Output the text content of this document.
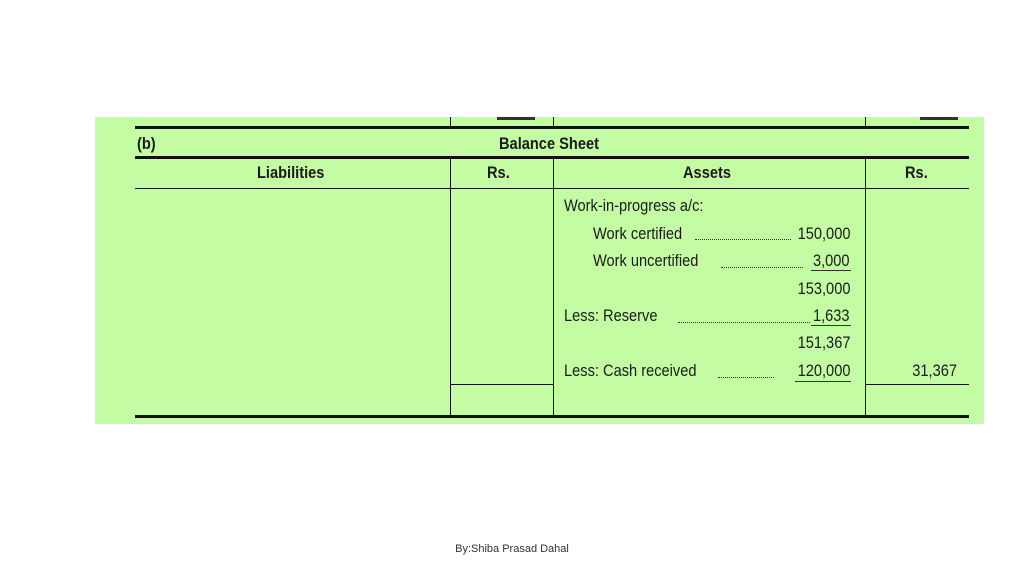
(b)	Balance Sheet
Liabilities	Rs.	Assets	Rs.
Work-in-progress a/c:
Work certified	150,000
Work uncertified	3,000
153,000
Less: Reserve	1,633
151,367
Less: Cash received	120,000	31,367
By:Shiba Prasad Dahal
